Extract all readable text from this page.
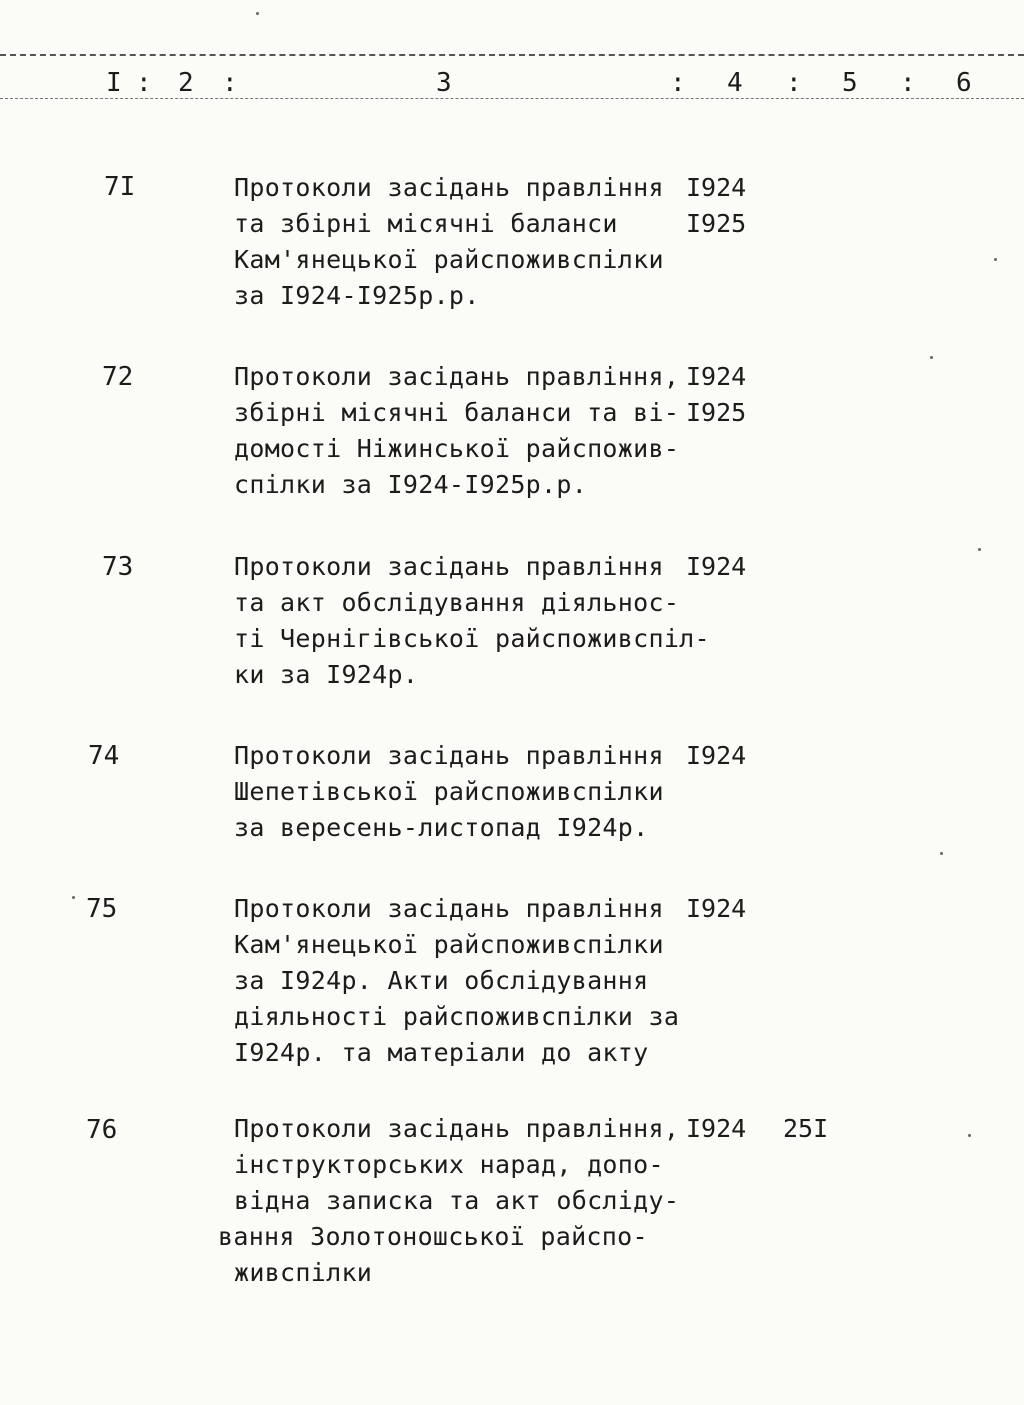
I : 2 :	3	: 4 : 5 : 6
7I	Протоколи засідань правління
та збірні місячні баланси
Кам'янецької райспоживспілки
за I924-I925р.р.
I924
I925
72	Протоколи засідань правління,
збірні місячні баланси та ві-
домості Ніжинської райспожив-
спілки за I924-I925р.р.
I924
I925
73	Протоколи засідань правління
та акт обслідування діяльнос-
ті Чернігівської райспоживспіл-
ки за I924р.
I924
74	Протоколи засідань правління
Шепетівської райспоживспілки
за вересень-листопад I924р.
I924
75	Протоколи засідань правління
Кам'янецької райспоживспілки
за I924р. Акти обслідування
діяльності райспоживспілки за
I924р. та матеріали до акту
I924
76	Протоколи засідань правління,
інструкторських нарад, допо-
відна записка та акт обсліду-
вання Золотоношської райспо-
живспілки
I924 25I
